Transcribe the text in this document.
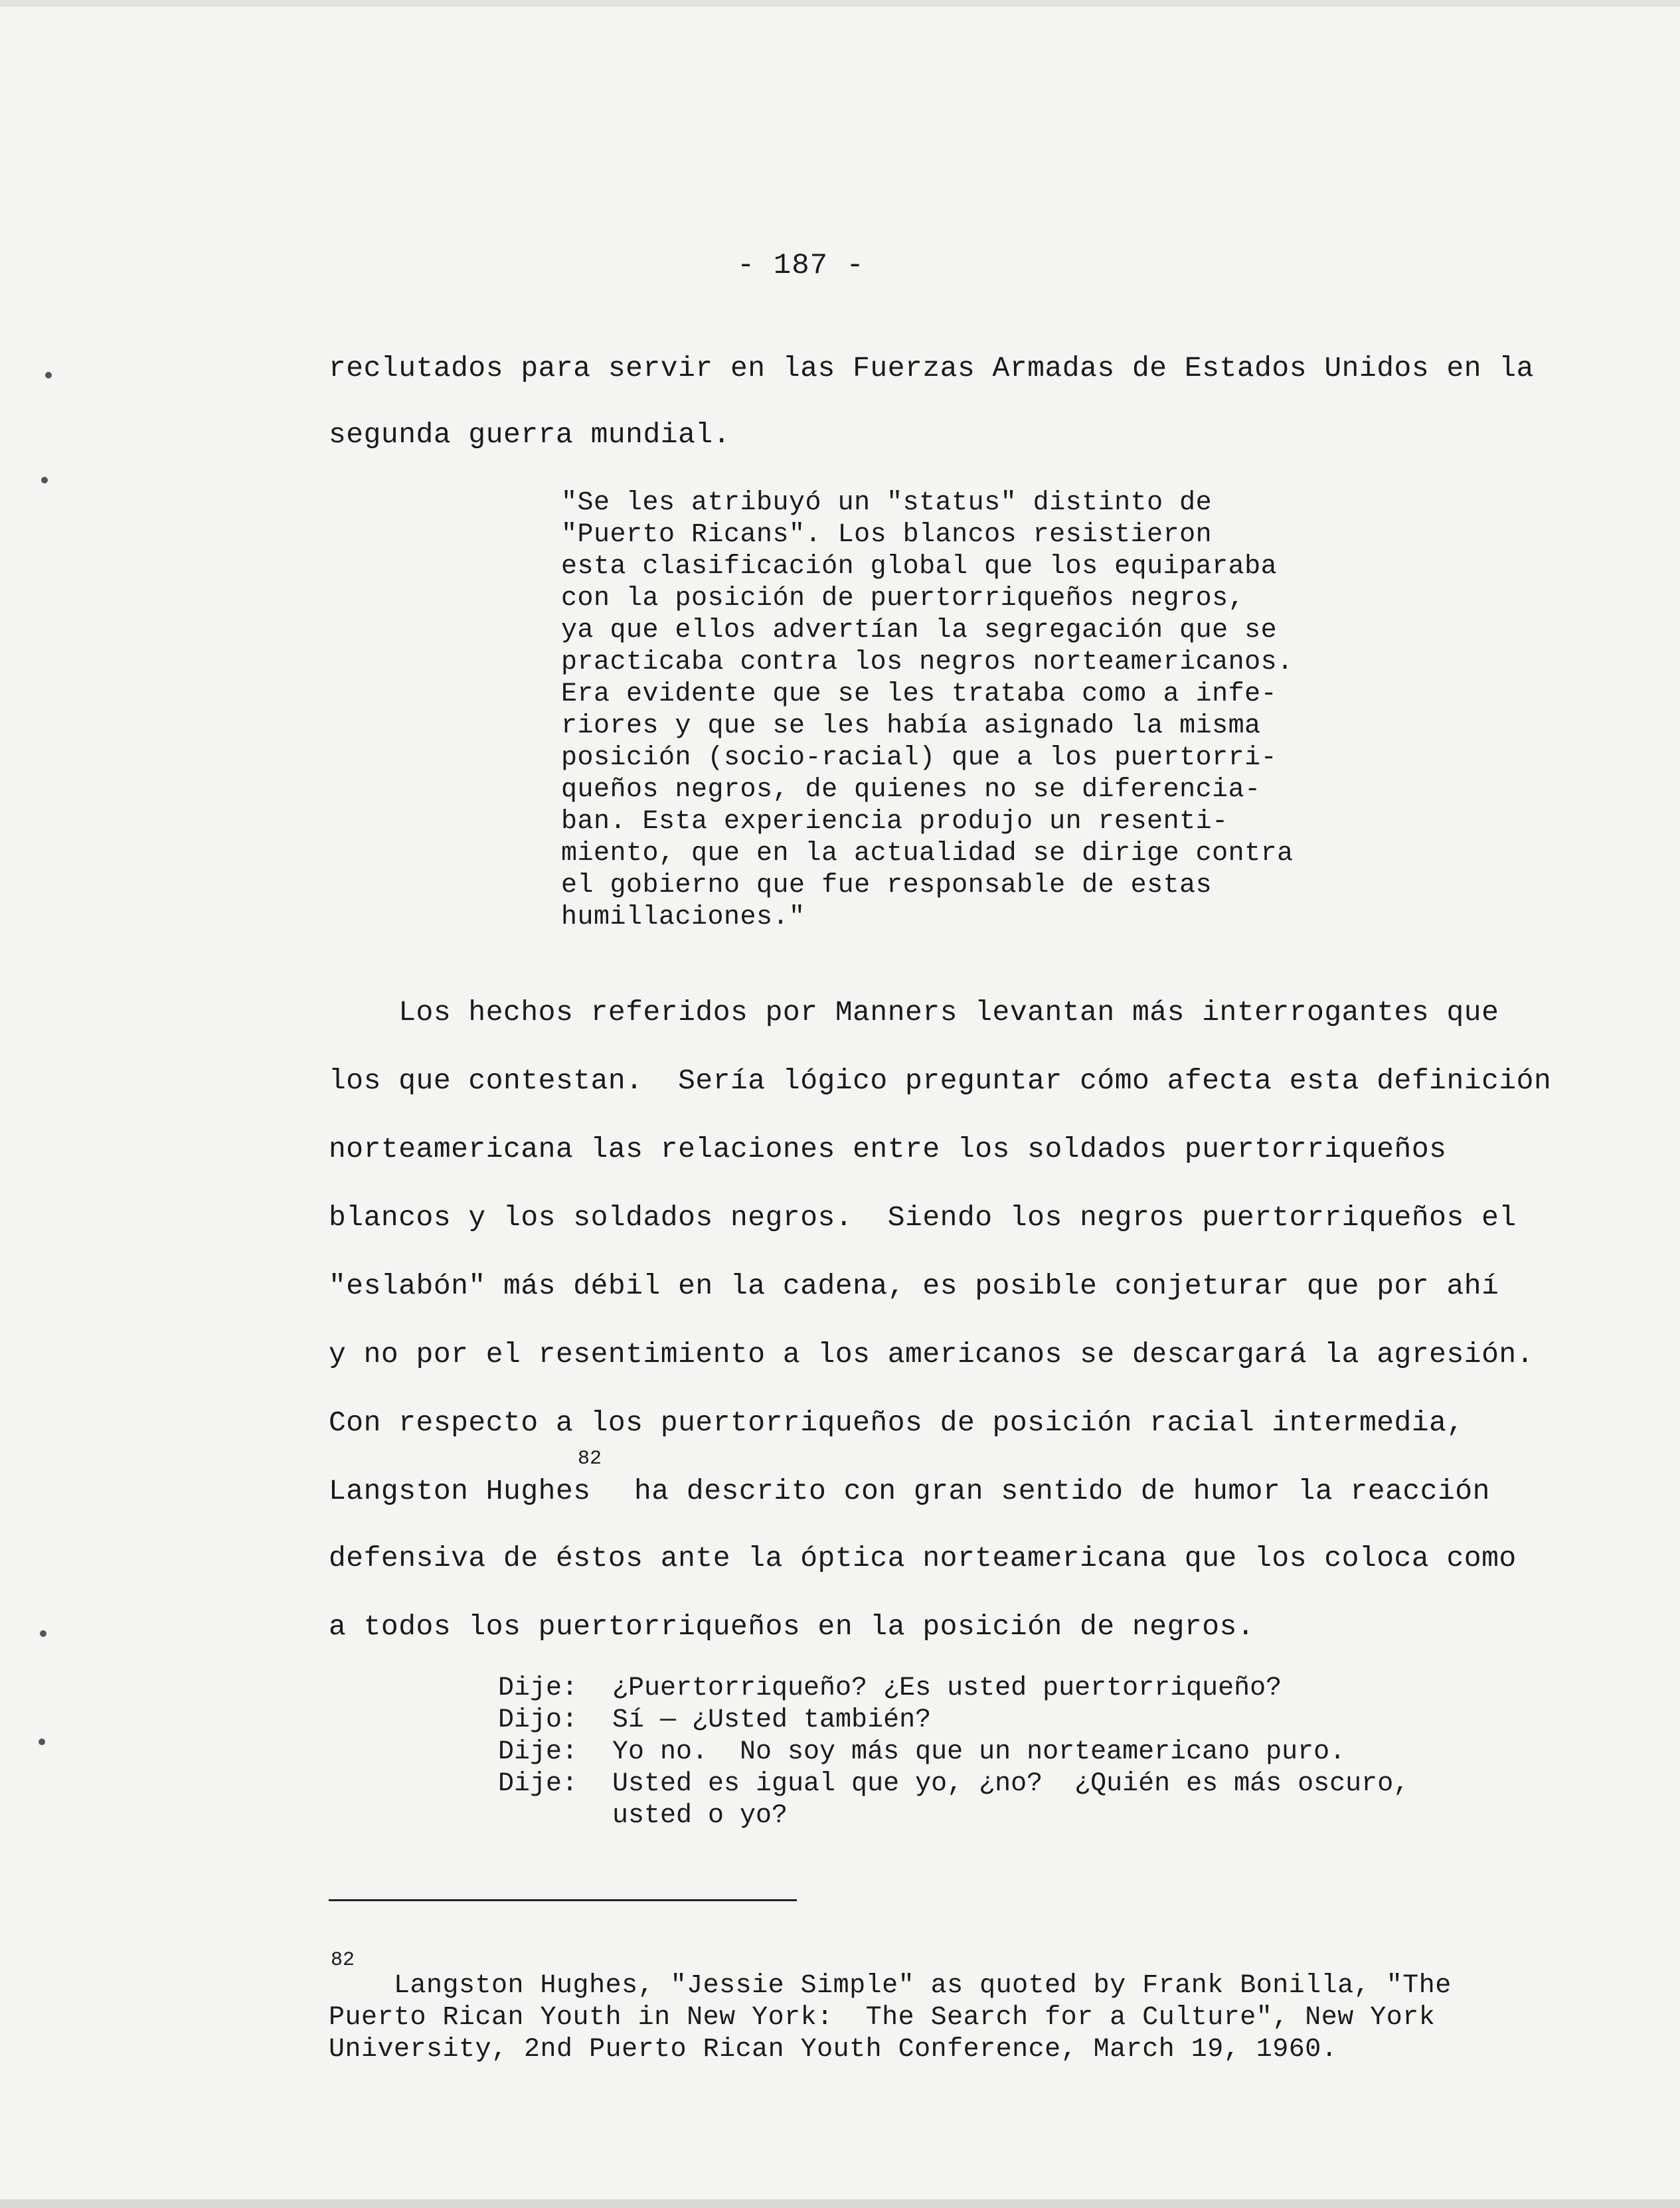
- 187 -
reclutados para servir en las Fuerzas Armadas de Estados Unidos en la
segunda guerra mundial.
"Se les atribuyó un "status" distinto de
"Puerto Ricans". Los blancos resistieron
esta clasificación global que los equiparaba
con la posición de puertorriqueños negros,
ya que ellos advertían la segregación que se
practicaba contra los negros norteamericanos.
Era evidente que se les trataba como a infe-
riores y que se les había asignado la misma
posición (socio-racial) que a los puertorri-
queños negros, de quienes no se diferencia-
ban. Esta experiencia produjo un resenti-
miento, que en la actualidad se dirige contra
el gobierno que fue responsable de estas
humillaciones."
Los hechos referidos por Manners levantan más interrogantes que
los que contestan.  Sería lógico preguntar cómo afecta esta definición
norteamericana las relaciones entre los soldados puertorriqueños
blancos y los soldados negros.  Siendo los negros puertorriqueños el
"eslabón" más débil en la cadena, es posible conjeturar que por ahí
y no por el resentimiento a los americanos se descargará la agresión.
Con respecto a los puertorriqueños de posición racial intermedia,
Langston Hughes
82
ha descrito con gran sentido de humor la reacción
defensiva de éstos ante la óptica norteamericana que los coloca como
a todos los puertorriqueños en la posición de negros.
Dije: ¿Puertorriqueño? ¿Es usted puertorriqueño?
Dijo: Sí — ¿Usted también?
Dije: Yo no.  No soy más que un norteamericano puro.
Dije: Usted es igual que yo, ¿no?  ¿Quién es más oscuro,
usted o yo?
82
Langston Hughes, "Jessie Simple" as quoted by Frank Bonilla, "The
Puerto Rican Youth in New York:  The Search for a Culture", New York
University, 2nd Puerto Rican Youth Conference, March 19, 1960.
